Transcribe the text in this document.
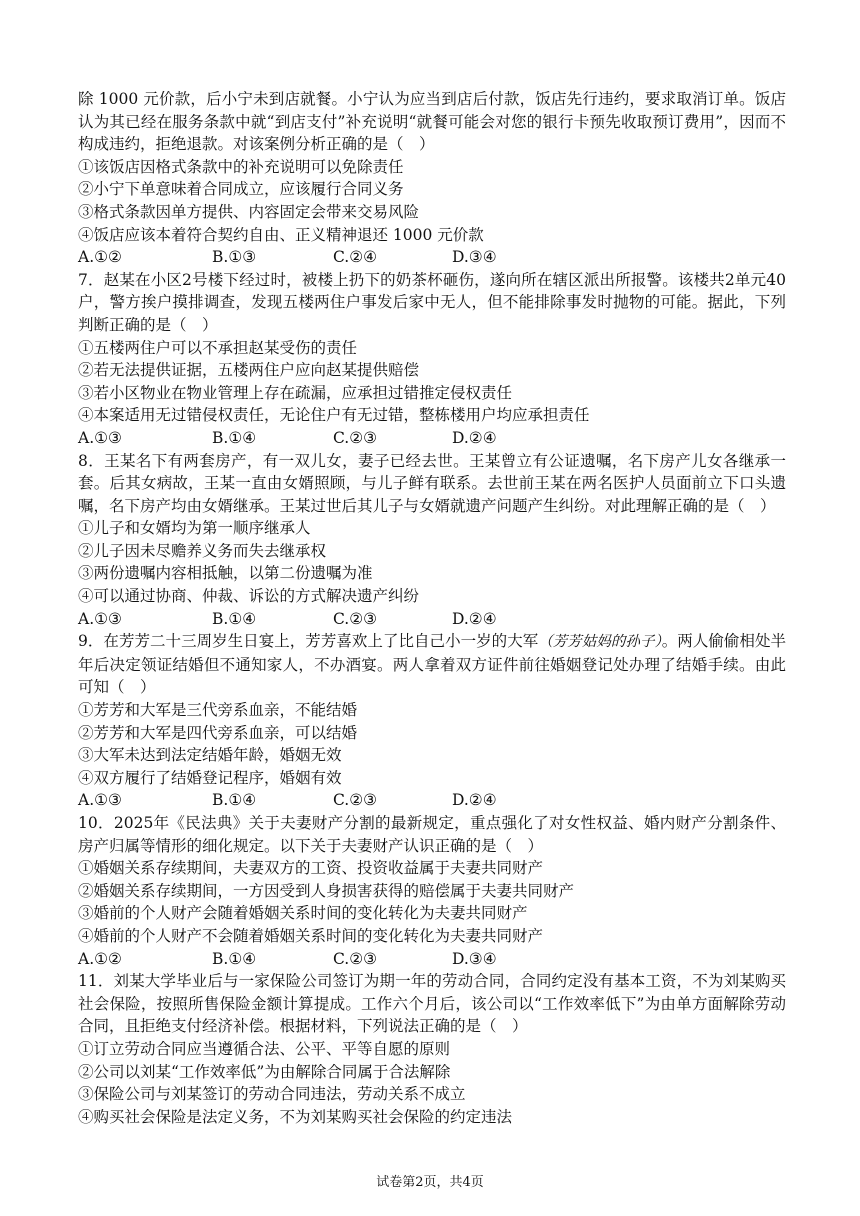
除 1000 元价款，后小宁未到店就餐。小宁认为应当到店后付款，饭店先行违约，要求取消订单。饭店认为其已经在服务条款中就“到店支付”补充说明“就餐可能会对您的银行卡预先收取预订费用”，因而不构成违约，拒绝退款。对该案例分析正确的是（　）

①该饭店因格式条款中的补充说明可以免除责任

②小宁下单意味着合同成立，应该履行合同义务

③格式条款因单方提供、内容固定会带来交易风险

④饭店应该本着符合契约自由、正义精神退还 1000 元价款

A.①②	B.①③	C.②④	D.③④

7．赵某在小区2号楼下经过时，被楼上扔下的奶茶杯砸伤，遂向所在辖区派出所报警。该楼共2单元40户，警方挨户摸排调查，发现五楼两住户事发后家中无人，但不能排除事发时抛物的可能。据此，下列判断正确的是（　）

①五楼两住户可以不承担赵某受伤的责任

②若无法提供证据，五楼两住户应向赵某提供赔偿

③若小区物业在物业管理上存在疏漏，应承担过错推定侵权责任

④本案适用无过错侵权责任，无论住户有无过错，整栋楼用户均应承担责任

A.①③	B.①④	C.②③	D.②④

8．王某名下有两套房产，有一双儿女，妻子已经去世。王某曾立有公证遗嘱，名下房产儿女各继承一套。后其女病故，王某一直由女婿照顾，与儿子鲜有联系。去世前王某在两名医护人员面前立下口头遗嘱，名下房产均由女婿继承。王某过世后其儿子与女婿就遗产问题产生纠纷。对此理解正确的是（　）

①儿子和女婿均为第一顺序继承人

②儿子因未尽赡养义务而失去继承权

③两份遗嘱内容相抵触，以第二份遗嘱为准

④可以通过协商、仲裁、诉讼的方式解决遗产纠纷

A.①③	B.①④	C.②③	D.②④

9．在芳芳二十三周岁生日宴上，芳芳喜欢上了比自己小一岁的大军（芳芳姑妈的孙子）。两人偷偷相处半年后决定领证结婚但不通知家人，不办酒宴。两人拿着双方证件前往婚姻登记处办理了结婚手续。由此可知（　）

①芳芳和大军是三代旁系血亲，不能结婚

②芳芳和大军是四代旁系血亲，可以结婚

③大军未达到法定结婚年龄，婚姻无效

④双方履行了结婚登记程序，婚姻有效

A.①③	B.①④	C.②③	D.②④

10．2025年《民法典》关于夫妻财产分割的最新规定，重点强化了对女性权益、婚内财产分割条件、房产归属等情形的细化规定。以下关于夫妻财产认识正确的是（　）

①婚姻关系存续期间，夫妻双方的工资、投资收益属于夫妻共同财产

②婚姻关系存续期间，一方因受到人身损害获得的赔偿属于夫妻共同财产

③婚前的个人财产会随着婚姻关系时间的变化转化为夫妻共同财产

④婚前的个人财产不会随着婚姻关系时间的变化转化为夫妻共同财产

A.①②	B.①④	C.②③	D.③④

11．刘某大学毕业后与一家保险公司签订为期一年的劳动合同，合同约定没有基本工资，不为刘某购买社会保险，按照所售保险金额计算提成。工作六个月后，该公司以“工作效率低下”为由单方面解除劳动合同，且拒绝支付经济补偿。根据材料，下列说法正确的是（　）

①订立劳动合同应当遵循合法、公平、平等自愿的原则

②公司以刘某“工作效率低”为由解除合同属于合法解除

③保险公司与刘某签订的劳动合同违法，劳动关系不成立

④购买社会保险是法定义务，不为刘某购买社会保险的约定违法

试卷第2页，共4页
